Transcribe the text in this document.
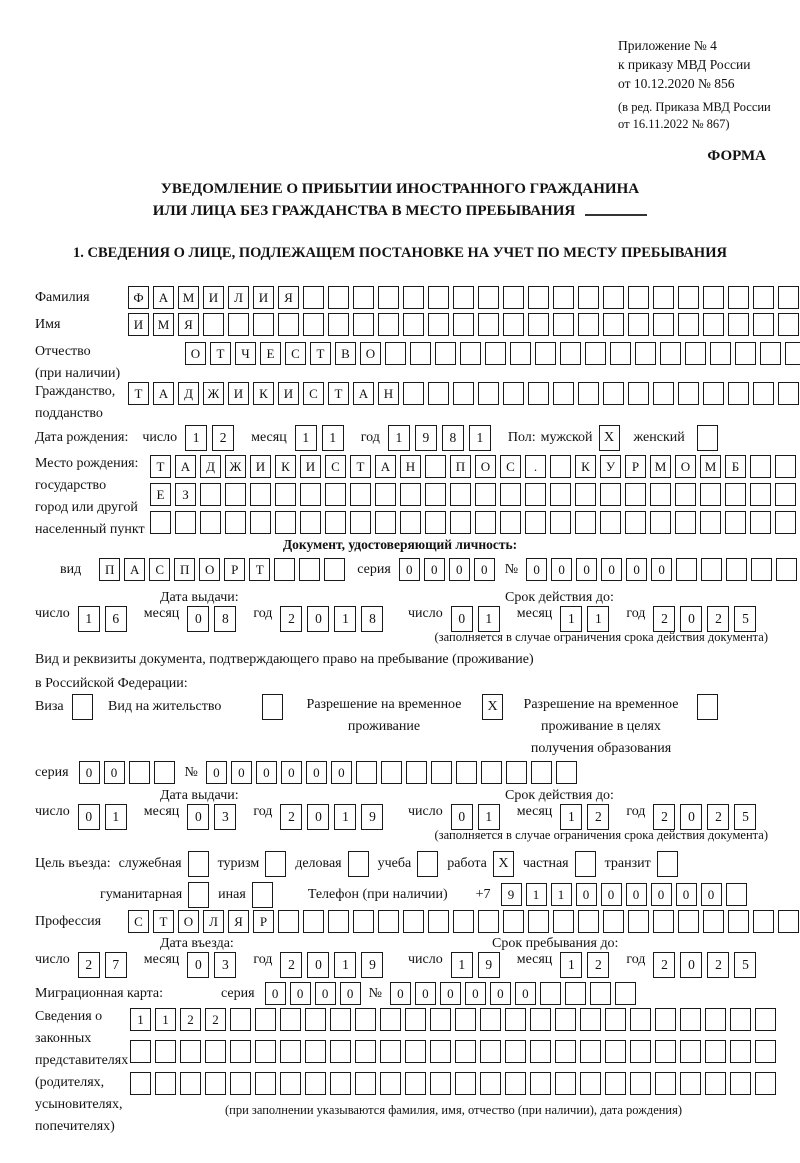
Приложение № 4
к приказу МВД России
от 10.12.2020 № 856
(в ред. Приказа МВД России
от 16.11.2022 № 867)
ФОРМА
УВЕДОМЛЕНИЕ О ПРИБЫТИИ ИНОСТРАННОГО ГРАЖДАНИНА
ИЛИ ЛИЦА БЕЗ ГРАЖДАНСТВА В МЕСТО ПРЕБЫВАНИЯ
1. СВЕДЕНИЯ О ЛИЦЕ, ПОДЛЕЖАЩЕМ ПОСТАНОВКЕ НА УЧЕТ ПО МЕСТУ ПРЕБЫВАНИЯ
Фамилия	Ф	А	М	И	Л	И	Я
Имя	И	М	Я
Отчество
(при наличии)
О	Т	Ч	Е	С	Т	В	О
Гражданство,
подданство
Т	А	Д	Ж	И	К	И	С	Т	А	Н
Дата рождения: число	1	2	месяц	1	1	год	1	9	8	1	Пол: мужской X	женский
Место рождения:
государство
город или другой
населенный пункт
Т	А	Д	Ж	И	К	И	С	Т	А	Н	П	О	С	.	К	У	Р	М	О	М	Б
Е	З
Документ, удостоверяющий личность:
вид	П	А	С	П	О	Р	Т	серия	0	0	0	0	№	0	0	0	0	0	0
Дата выдачи:	Срок действия до:
число	1	6	месяц	0	8	год	2	0	1	8	число	0	1	месяц	1	1	год	2	0	2	5
(заполняется в случае ограничения срока действия документа)
Вид и реквизиты документа, подтверждающего право на пребывание (проживание)
в Российской Федерации:
Виза	Вид на жительство	Разрешение на временное проживание
X	Разрешение на временное проживание в целях получения образования
серия	0	0	№	0	0	0	0	0	0
Дата выдачи:	Срок действия до:
число	0	1	месяц	0	3	год	2	0	1	9	число	0	1	месяц	1	2	год	2	0	2	5
(заполняется в случае ограничения срока действия документа)
Цель въезда: служебная	туризм	деловая	учеба	работа X	частная	транзит
гуманитарная	иная	Телефон (при наличии) +7	9	1	1	0	0	0	0	0	0
Профессия	С	Т	О	Л	Я	Р
Дата въезда:	Срок пребывания до:
число	2	7	месяц	0	3	год	2	0	1	9	число	1	9	месяц	1	2	год	2	0	2	5
Миграционная карта:	серия	0	0	0	0	№	0	0	0	0	0	0
Сведения о
законных
представителях
(родителях,
усыновителях,
попечителях)
1	1	2	2
(при заполнении указываются фамилия, имя, отчество (при наличии), дата рождения)
